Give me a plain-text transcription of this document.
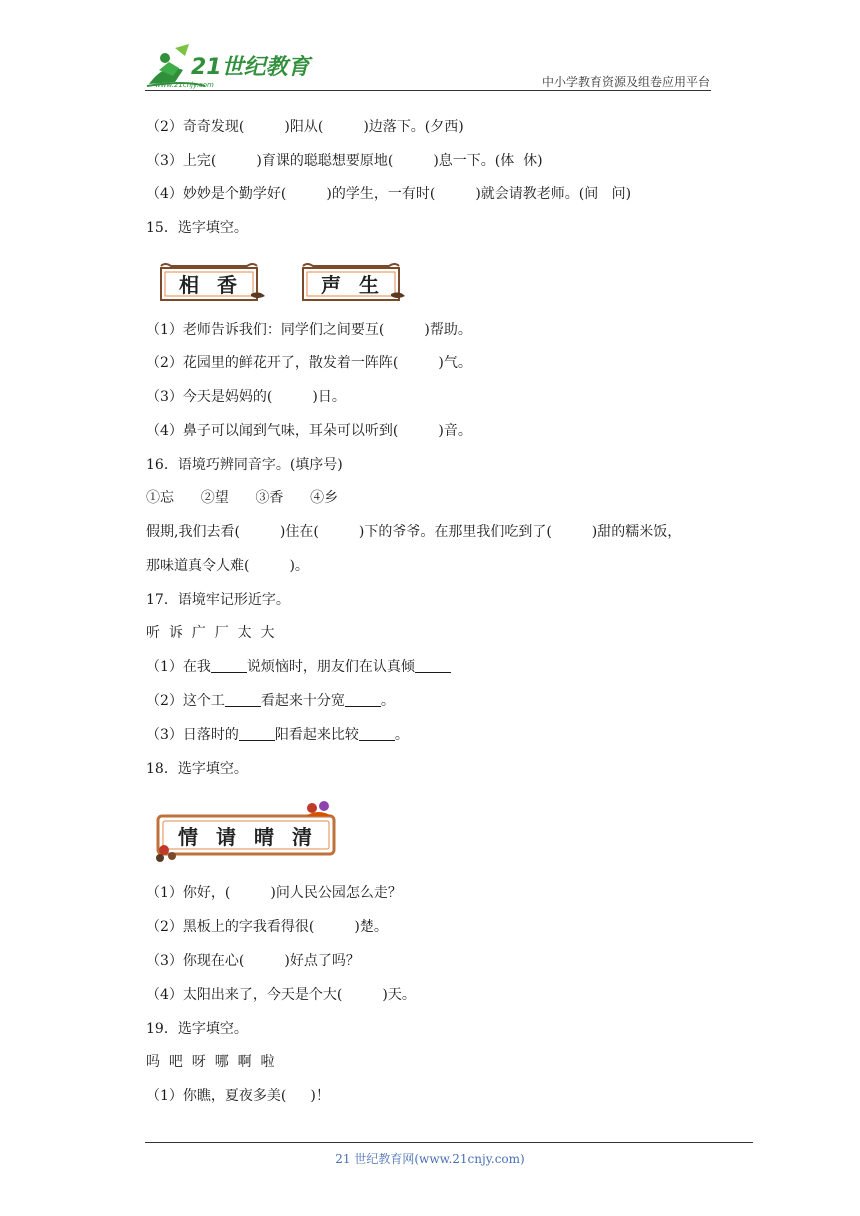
21世纪教育
www.21cnjy.com	中小学教育资源及组卷应用平台
（2）奇奇发现(	)阳从(	)边落下。(夕西)
（3）上完(	)育课的聪聪想要原地(	)息一下。(体  休)
（4）妙妙是个勤学好(	)的学生，一有时(	)就会请教老师。(间   问)
15．选字填空。
相 香	声 生
（1）老师告诉我们：同学们之间要互(	)帮助。
（2）花园里的鲜花开了，散发着一阵阵(	)气。
（3）今天是妈妈的(	)日。
（4）鼻子可以闻到气味，耳朵可以听到(	)音。
16．语境巧辨同音字。(填序号)
①忘      ②望      ③香      ④乡
假期,我们去看(	)住在(	)下的爷爷。在那里我们吃到了(	)甜的糯米饭，
那味道真令人难(	)。
17．语境牢记形近字。
听  诉  广  厂  太  大
（1）在我	说烦恼时，朋友们在认真倾
（2）这个工	看起来十分宽	。
（3）日落时的	阳看起来比较	。
18．选字填空。
情 请 晴 清
（1）你好，(	)问人民公园怎么走？
（2）黑板上的字我看得很(	)楚。
（3）你现在心(	)好点了吗？
（4）太阳出来了，今天是个大(	)天。
19．选字填空。
吗  吧  呀  哪  啊  啦
（1）你瞧，夏夜多美( )！
21 世纪教育网(www.21cnjy.com)
